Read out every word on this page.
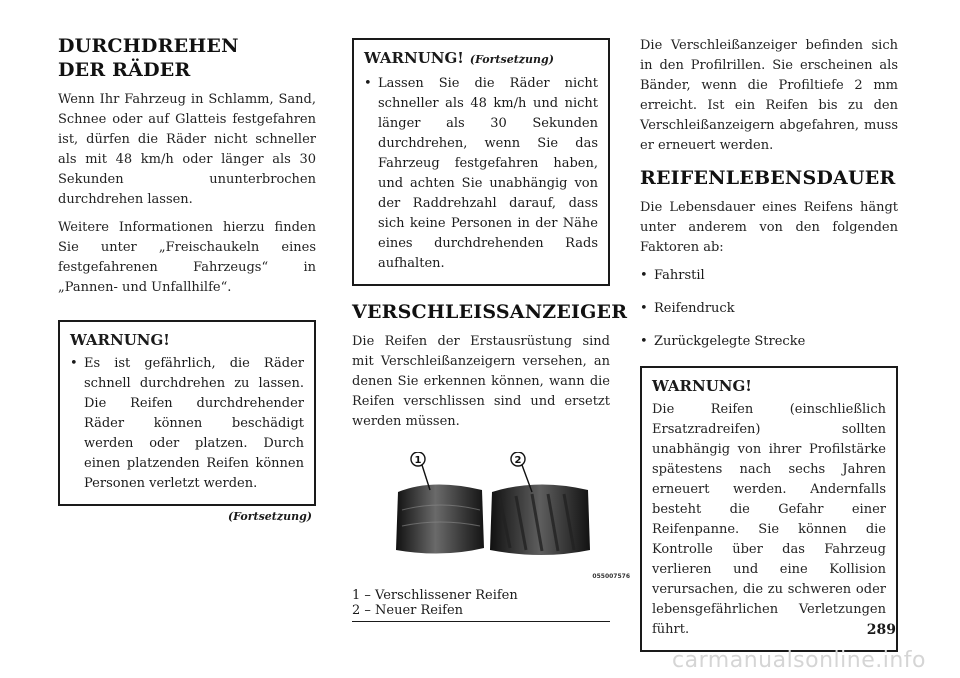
DURCHDREHEN DER RÄDER

Wenn Ihr Fahrzeug in Schlamm, Sand, Schnee oder auf Glatteis festgefahren ist, dürfen die Räder nicht schneller als mit 48 km/h oder länger als 30 Sekunden ununterbrochen durchdrehen lassen.

Weitere Informationen hierzu finden Sie unter „Freischaukeln eines festgefahrenen Fahrzeugs“ in „Pannen- und Unfallhilfe“.

WARNUNG!
• Es ist gefährlich, die Räder schnell durchdrehen zu lassen. Die Reifen durchdrehender Räder können beschädigt werden oder platzen. Durch einen platzenden Reifen können Personen verletzt werden.
(Fortsetzung)
WARNUNG! (Fortsetzung)
• Lassen Sie die Räder nicht schneller als 48 km/h und nicht länger als 30 Sekunden durchdrehen, wenn Sie das Fahrzeug festgefahren haben, und achten Sie unabhängig von der Raddrehzahl darauf, dass sich keine Personen in der Nähe eines durchdrehenden Rads aufhalten.
VERSCHLEISSANZEIGER

Die Reifen der Erstausrüstung sind mit Verschleißanzeigern versehen, an denen Sie erkennen können, wann die Reifen verschlissen sind und ersetzt werden müssen.

1	2
055007576
1 – Verschlissener Reifen
2 – Neuer Reifen

Die Verschleißanzeiger befinden sich in den Profilrillen. Sie erscheinen als Bänder, wenn die Profiltiefe 2 mm erreicht. Ist ein Reifen bis zu den Verschleißanzeigern abgefahren, muss er erneuert werden.

REIFENLEBENSDAUER

Die Lebensdauer eines Reifens hängt unter anderem von den folgenden Faktoren ab:

• Fahrstil
• Reifendruck
• Zurückgelegte Strecke
WARNUNG!

Die Reifen (einschließlich Ersatzradreifen) sollten unabhängig von ihrer Profilstärke spätestens nach sechs Jahren erneuert werden. Andernfalls besteht die Gefahr einer Reifenpanne. Sie können die Kontrolle über das Fahrzeug verlieren und eine Kollision verursachen, die zu schweren oder lebensgefährlichen Verletzungen führt.	289
carmanualsonline.info
